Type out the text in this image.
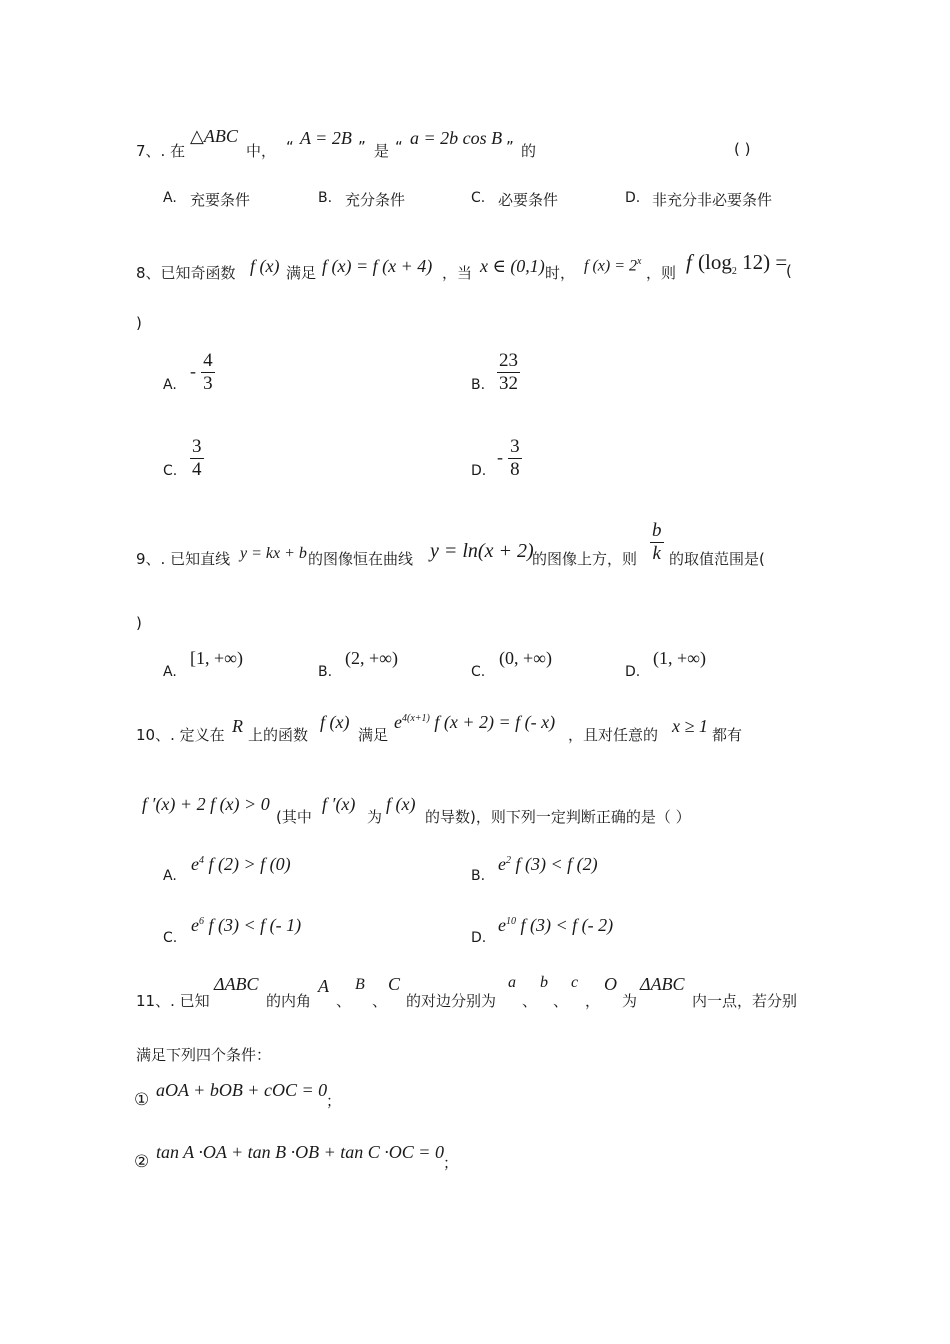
7、. 在
△ABC
中， “ A = 2B ” 是 “ a = 2b cos B ” 的	( )
A. 充要条件	B. 充分条件	C. 必要条件	D. 非充分非必要条件
8、已知奇函数 f (x) 满足 f (x) = f (x + 4) ，当 x ∈ (0,1) 时， f $(x) = 2^x$
，则 f ($\log_2$ 12) =
(
)
A.
- $\frac{4}{3}$	B. $\frac{23}{32}$
C. $\frac{3}{4}$	D.
- $\frac{3}{8}$
9、. 已知直线 y = kx + b 的图像恒在曲线 y = ln(x + 2)
的图像上方，则 $\frac{b}{k}$ 的取值范围是(
)
A.
[1, +∞)
B.
(2, +∞)
C.
(0, +∞)
D.
(1, +∞)
10、. 定义在 R 上的函数
f (x)
满足
$e^{4(x+1)}$ f (x + 2) = f (- x)
，且对任意的 x ≥ 1 都有
f ′(x) + 2 f (x) > 0
(其中
f ′(x)
为
f (x)
的导数)，则下列一定判断正确的是（ ）
A.
$e^4$ f (2) > f (0)
B.
$e^2$ f (3) < f (2)
C.
$e^6$ f (3) < f (- 1)
D.
$e^{10}$ f (3) < f (- 2)
11、. 已知
ΔABC
的内角
A
、
B
、
C
的对边分别为
a
、
b
、
c
，
O
为
ΔABC
内一点，若分别
满足下列四个条件：
① aOA + bOB + cOC = 0
；
② tan A ·OA + tan B ·OB + tan C ·OC = 0
；
